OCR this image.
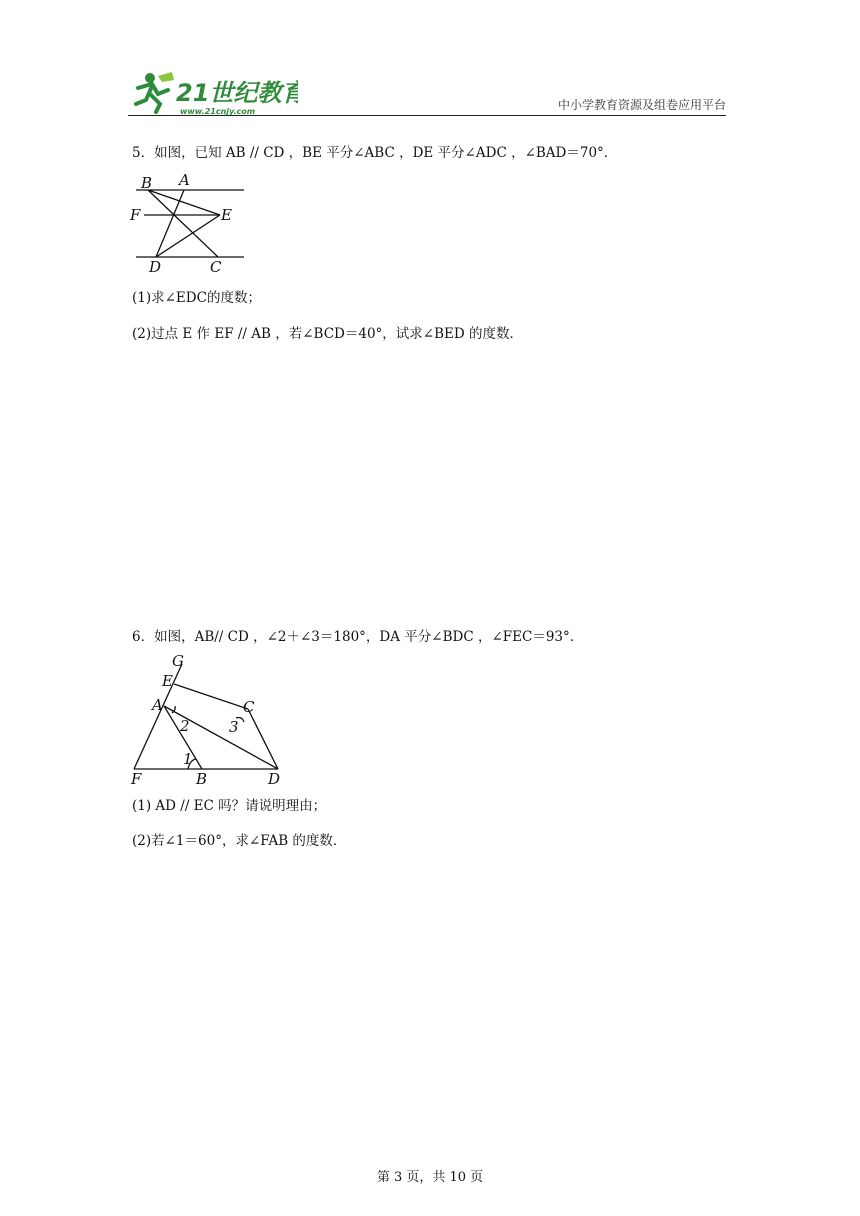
21世纪教育
www.21cnjy.com	中小学教育资源及组卷应用平台
5．如图，已知 AB // CD ，BE 平分∠ABC ，DE 平分∠ADC ，∠BAD＝70°．
B A
F	E
D	C
(1)求∠EDC的度数；
(2)过点 E 作 EF // AB ，若∠BCD＝40°，试求∠BED 的度数．
6．如图，AB// CD ，∠2＋∠3＝180°，DA 平分∠BDC ，∠FEC＝93°．
G
E
A	C
2	3
1
F	B	D
(1) AD // EC 吗？请说明理由；
(2)若∠1＝60°，求∠FAB 的度数．
第 3 页，共 10 页
